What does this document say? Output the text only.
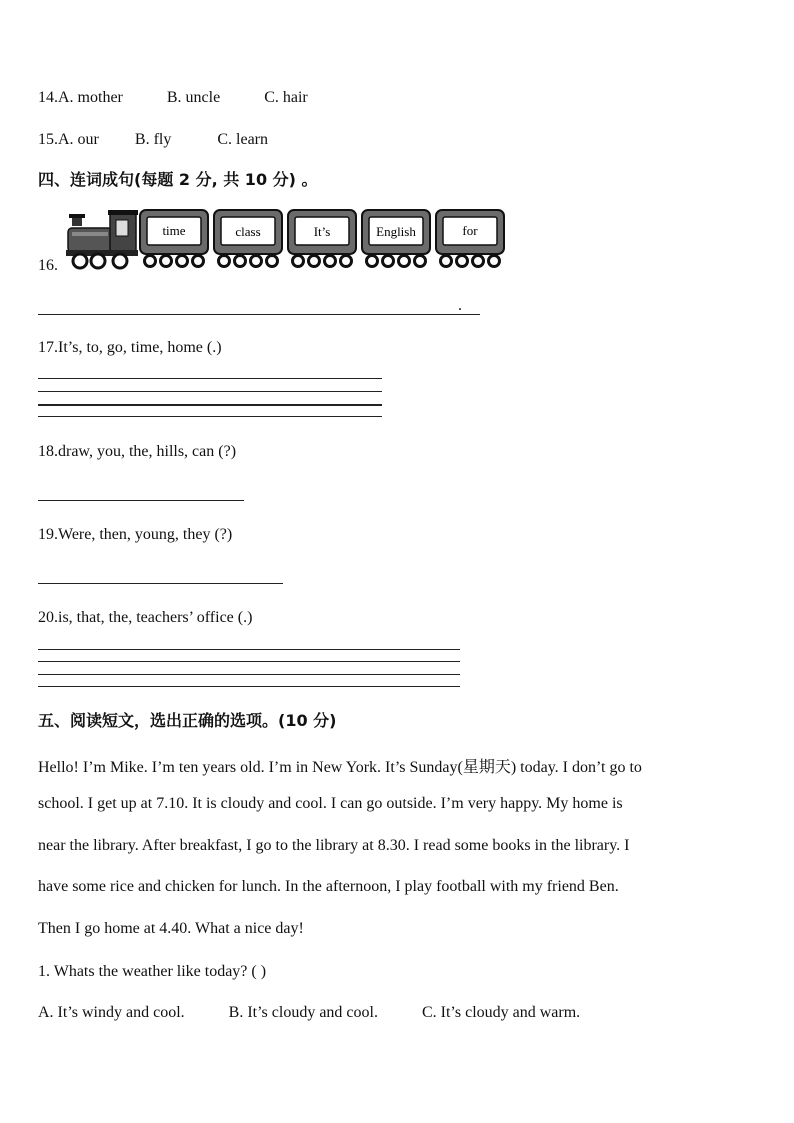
14.A. mother	B. uncle	C. hair
15.A. our B. fly	C. learn
四、连词成句(每题 2 分, 共 10 分) 。
16.
time	class	It’s	English	for
.
17.It’s, to, go, time, home (.)
18.draw, you, the, hills, can (?)
19.Were, then, young, they (?)
20.is, that, the, teachers’ office (.)
五、阅读短文，选出正确的选项。(10 分)
Hello! I’m Mike. I’m ten years old. I’m in New York. It’s Sunday(星期天) today. I don’t go to
school. I get up at 7.10. It is cloudy and cool. I can go outside. I’m very happy. My home is
near the library. After breakfast, I go to the library at 8.30. I read some books in the library. I
have some rice and chicken for lunch. In the afternoon, I play football with my friend Ben.
Then I go home at 4.40. What a nice day!
1. Whats the weather like today? ( )
A. It’s windy and cool.	B. It’s cloudy and cool.	C. It’s cloudy and warm.
